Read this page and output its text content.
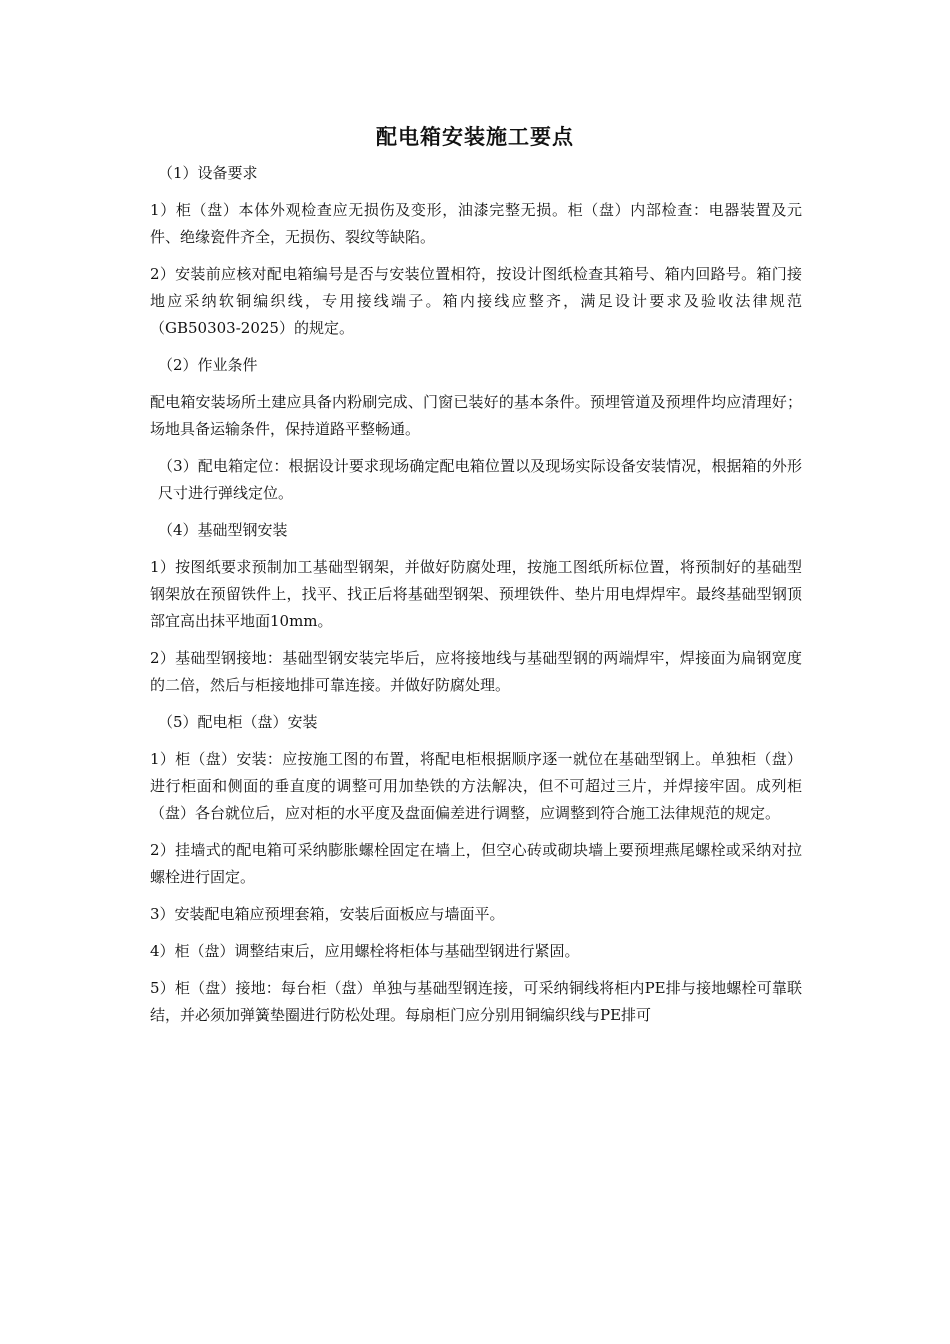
配电箱安装施工要点

（1）设备要求

1）柜（盘）本体外观检查应无损伤及变形，油漆完整无损。柜（盘）内部检查：电器装置及元件、绝缘瓷件齐全，无损伤、裂纹等缺陷。

2）安装前应核对配电箱编号是否与安装位置相符，按设计图纸检查其箱号、箱内回路号。箱门接地应采纳软铜编织线，专用接线端子。箱内接线应整齐，满足设计要求及验收法律规范（GB50303-2025）的规定。

（2）作业条件

配电箱安装场所土建应具备内粉刷完成、门窗已装好的基本条件。预埋管道及预埋件均应清理好；场地具备运输条件，保持道路平整畅通。

（3）配电箱定位：根据设计要求现场确定配电箱位置以及现场实际设备安装情况，根据箱的外形尺寸进行弹线定位。

（4）基础型钢安装

1）按图纸要求预制加工基础型钢架，并做好防腐处理，按施工图纸所标位置，将预制好的基础型钢架放在预留铁件上，找平、找正后将基础型钢架、预埋铁件、垫片用电焊焊牢。最终基础型钢顶部宜高出抹平地面10mm。

2）基础型钢接地：基础型钢安装完毕后，应将接地线与基础型钢的两端焊牢，焊接面为扁钢宽度的二倍，然后与柜接地排可靠连接。并做好防腐处理。

（5）配电柜（盘）安装

1）柜（盘）安装：应按施工图的布置，将配电柜根据顺序逐一就位在基础型钢上。单独柜（盘）进行柜面和侧面的垂直度的调整可用加垫铁的方法解决，但不可超过三片，并焊接牢固。成列柜（盘）各台就位后，应对柜的水平度及盘面偏差进行调整，应调整到符合施工法律规范的规定。

2）挂墙式的配电箱可采纳膨胀螺栓固定在墙上，但空心砖或砌块墙上要预埋燕尾螺栓或采纳对拉螺栓进行固定。

3）安装配电箱应预埋套箱，安装后面板应与墙面平。

4）柜（盘）调整结束后，应用螺栓将柜体与基础型钢进行紧固。

5）柜（盘）接地：每台柜（盘）单独与基础型钢连接，可采纳铜线将柜内PE排与接地螺栓可靠联结，并必须加弹簧垫圈进行防松处理。每扇柜门应分别用铜编织线与PE排可
